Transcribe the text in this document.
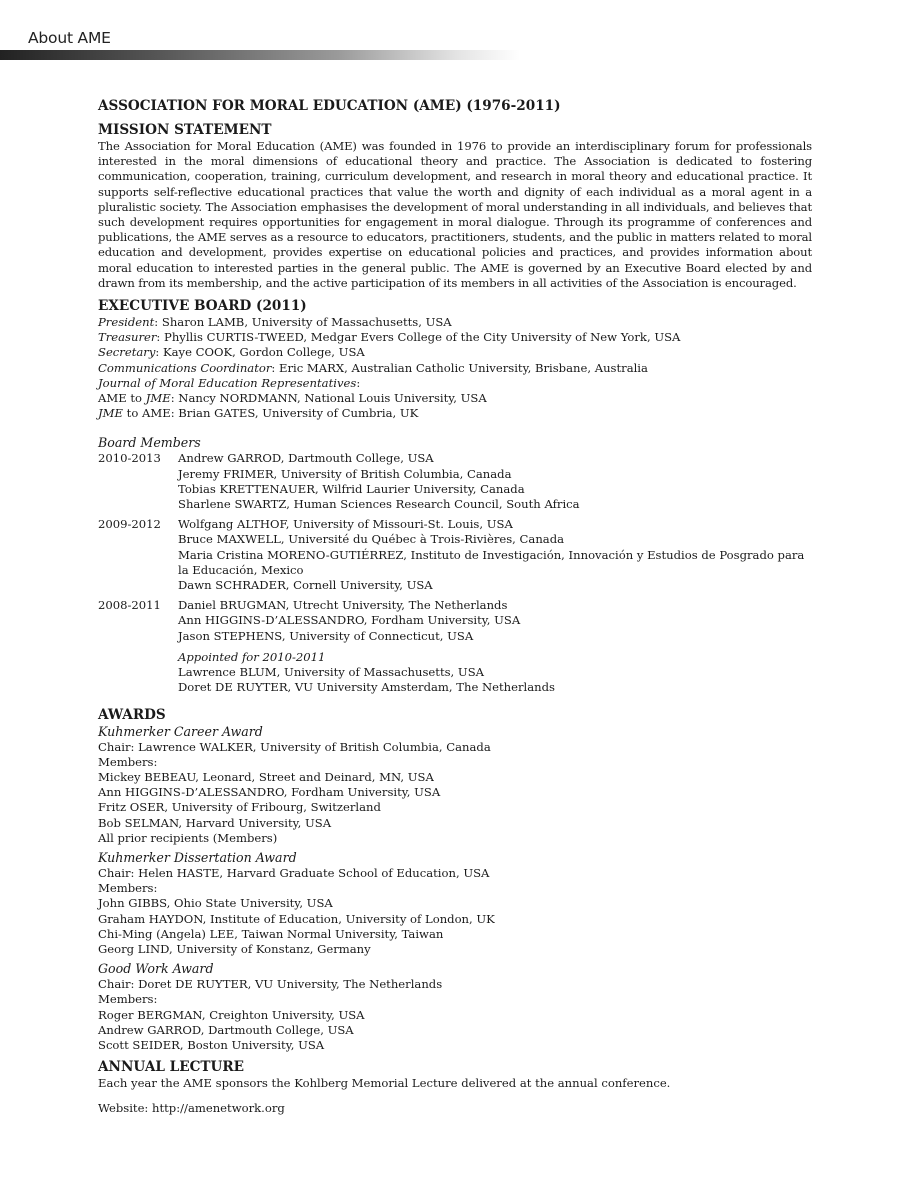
About AME
ASSOCIATION FOR MORAL EDUCATION (AME) (1976-2011)
MISSION STATEMENT
The Association for Moral Education (AME) was founded in 1976 to provide an interdisciplinary forum for professionals interested in the moral dimensions of educational theory and practice. The Association is dedicated to fostering communication, cooperation, training, curriculum development, and research in moral theory and educational practice. It supports self-reflective educational practices that value the worth and dignity of each individual as a moral agent in a pluralistic society. The Association emphasises the development of moral understanding in all individuals, and believes that such development requires opportunities for engagement in moral dialogue. Through its programme of conferences and publications, the AME serves as a resource to educators, practitioners, students, and the public in matters related to moral education and development, provides expertise on educational policies and practices, and provides information about moral education to interested parties in the general public. The AME is governed by an Executive Board elected by and drawn from its membership, and the active participation of its members in all activities of the Association is encouraged.
EXECUTIVE BOARD (2011)
President: Sharon LAMB, University of Massachusetts, USA
Treasurer: Phyllis CURTIS-TWEED, Medgar Evers College of the City University of New York, USA
Secretary: Kaye COOK, Gordon College, USA
Communications Coordinator: Eric MARX, Australian Catholic University, Brisbane, Australia
Journal of Moral Education Representatives:
AME to JME: Nancy NORDMANN, National Louis University, USA
JME to AME: Brian GATES, University of Cumbria, UK
Board Members
2010-2013	Andrew GARROD, Dartmouth College, USA
Jeremy FRIMER, University of British Columbia, Canada
Tobias KRETTENAUER, Wilfrid Laurier University, Canada
Sharlene SWARTZ, Human Sciences Research Council, South Africa
2009-2012	Wolfgang ALTHOF, University of Missouri-St. Louis, USA
Bruce MAXWELL, Université du Québec à Trois-Rivières, Canada
Maria Cristina MORENO-GUTIÉRREZ, Instituto de Investigación, Innovación y Estudios de Posgrado para la Educación, Mexico
Dawn SCHRADER, Cornell University, USA
2008-2011	Daniel BRUGMAN, Utrecht University, The Netherlands
Ann HIGGINS-D’ALESSANDRO, Fordham University, USA
Jason STEPHENS, University of Connecticut, USA
Appointed for 2010-2011
Lawrence BLUM, University of Massachusetts, USA
Doret DE RUYTER, VU University Amsterdam, The Netherlands
AWARDS
Kuhmerker Career Award
Chair: Lawrence WALKER, University of British Columbia, Canada
Members:
Mickey BEBEAU, Leonard, Street and Deinard, MN, USA
Ann HIGGINS-D’ALESSANDRO, Fordham University, USA
Fritz OSER, University of Fribourg, Switzerland
Bob SELMAN, Harvard University, USA
All prior recipients (Members)
Kuhmerker Dissertation Award
Chair: Helen HASTE, Harvard Graduate School of Education, USA
Members:
John GIBBS, Ohio State University, USA
Graham HAYDON, Institute of Education, University of London, UK
Chi-Ming (Angela) LEE, Taiwan Normal University, Taiwan
Georg LIND, University of Konstanz, Germany
Good Work Award
Chair: Doret DE RUYTER, VU University, The Netherlands
Members:
Roger BERGMAN, Creighton University, USA
Andrew GARROD, Dartmouth College, USA
Scott SEIDER, Boston University, USA
ANNUAL LECTURE
Each year the AME sponsors the Kohlberg Memorial Lecture delivered at the annual conference.
Website: http://amenetwork.org
